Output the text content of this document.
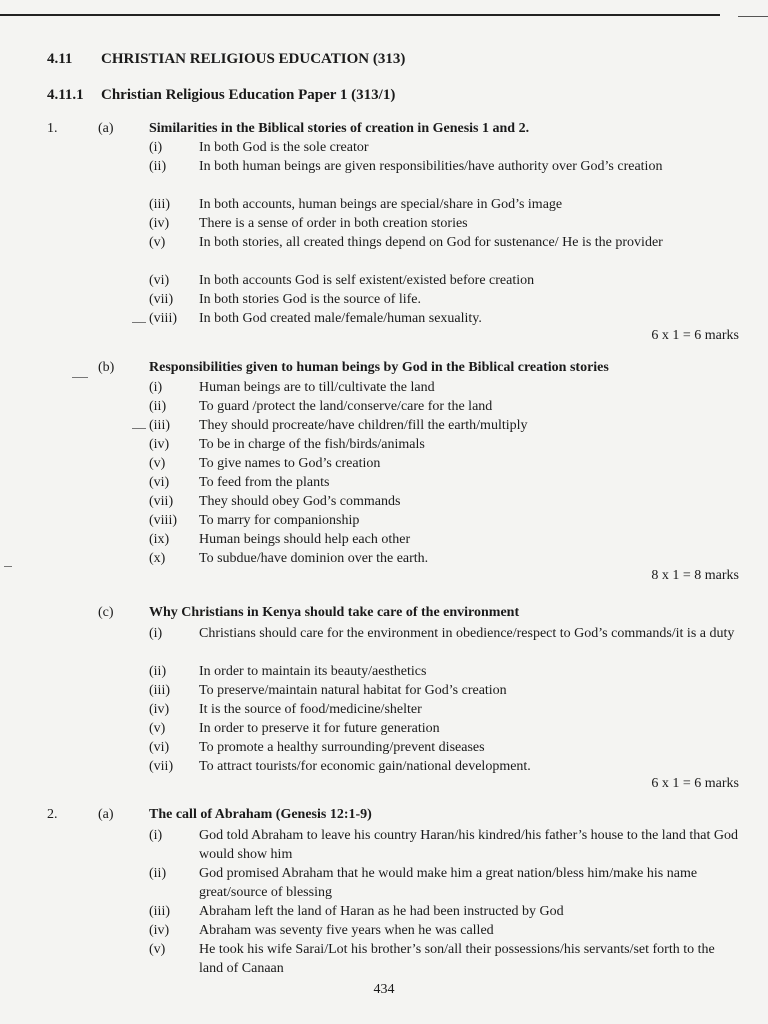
4.11 CHRISTIAN RELIGIOUS EDUCATION (313)
4.11.1 Christian Religious Education Paper 1 (313/1)
1.	(a)	Similarities in the Biblical stories of creation in Genesis 1 and 2.
(i)	In both God is the sole creator
(ii)	In both human beings are given responsibilities/have authority over God’s creation
(iii)	In both accounts, human beings are special/share in God’s image
(iv)	There is a sense of order in both creation stories
(v)	In both stories, all created things depend on God for sustenance/ He is the provider
(vi)	In both accounts God is self existent/existed before creation
(vii)	In both stories God is the source of life.
(viii)	In both God created male/female/human sexuality.
6 x 1 = 6 marks
(b) Responsibilities given to human beings by God in the Biblical creation stories
(i)	Human beings are to till/cultivate the land
(ii)	To guard /protect the land/conserve/care for the land
(iii)	They should procreate/have children/fill the earth/multiply
(iv)	To be in charge of the fish/birds/animals
(v)	To give names to God’s creation
(vi)	To feed from the plants
(vii)	They should obey God’s commands
(viii)	To marry for companionship
(ix)	Human beings should help each other
(x)	To subdue/have dominion over the earth.
8 x 1 = 8 marks
(c)	Why Christians in Kenya should take care of the environment
(i)	Christians should care for the environment in obedience/respect to God’s commands/it is a duty
(ii)	In order to maintain its beauty/aesthetics
(iii)	To preserve/maintain natural habitat for God’s creation
(iv)	It is the source of food/medicine/shelter
(v)	In order to preserve it for future generation
(vi)	To promote a healthy surrounding/prevent diseases
(vii)	To attract tourists/for economic gain/national development.
6 x 1 = 6 marks
2.	(a)	The call of Abraham (Genesis 12:1-9)
(i)	God told Abraham to leave his country Haran/his kindred/his father’s house to the land that God would show him
(ii)	God promised Abraham that he would make him a great nation/bless him/make his name great/source of blessing
(iii)	Abraham left the land of Haran as he had been instructed by God
(iv)	Abraham was seventy five years when he was called
(v)	He took his wife Sarai/Lot his brother’s son/all their possessions/his servants/set forth to the land of Canaan
434
